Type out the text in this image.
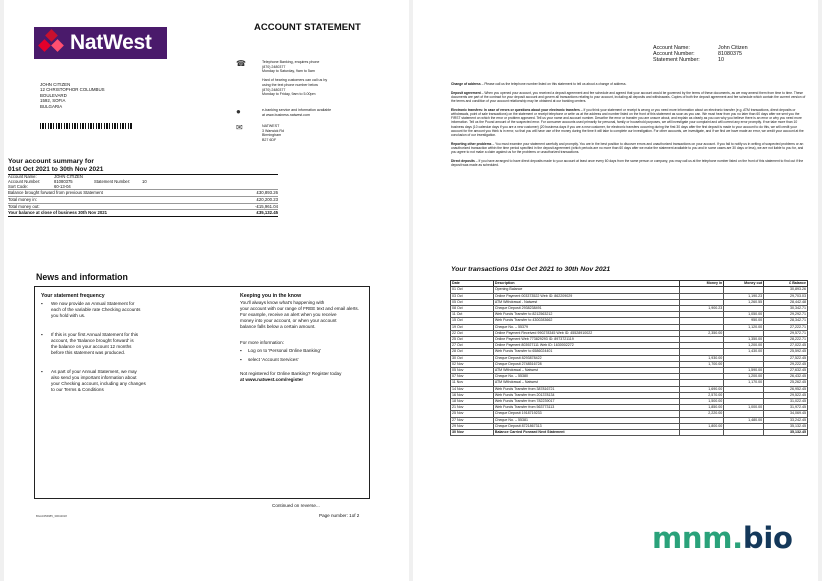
NatWest
ACCOUNT STATEMENT
☎	Telephone Banking, enquires phone
(870) 2480377
Monday to Saturday, 9am to 5am
Hard of hearing customers can call us by
using the text phone number below
(870) 2480377
Monday to Friday, 9am to 5.00pm
●	e-banking service and information available
at www.business.natwest.com
✉	NATWEST
3 Warwick Rd
Birmingham
B27 6DF
JOHN CITIZEN
12 CHRISTOPHOR COLUMBUS
BOULEVARD
1592, SOFIA
BULGARIA
Your account summary for
01st Oct 2021 to 30th Nov 2021
Account Name:	JOHN CITIZEN
Account Number:	81080375	Statement Number:	10
Sort Code:	60-13-04
Balance brought forward from previous Statement	£30,893.26
Total money in:	£20,200.23
Total money out:	-£15,961.04
Your balance at close of business 30th Nov 2021	£35,132.45
News and information
Your statement frequency
▪ We now provide an Annual Statement for
each of the variable rate Checking accounts
you hold with us.
▪ If this is your first Annual Statement for this
account, the 'Balance brought forward' is
the balance on your account 12 months
before this statement was produced.
▪ As part of your Annual Statement, we may
also send you important information about
your Checking account, including any changes
to our Terms & Conditions
Keeping you in the know
You'll always know what's happening with
your account with our range of FREE text and email alerts.
For example, receive an alert when you receive
money into your account, or when your account
balance falls below a certain amount.
For more information:
▪ Log on to 'Personal Online Banking'
▪ select 'Account Services'
Not registered for Online Banking? Register today
at www.natwest.com/register
Continued on reverse...
Page number: 1of 2
BGA3456985_30042018
Account Name:	John Citizen
Account Number:	81080375
Statement Number:	10

Change of address – Please call us the telephone number listed on this statement to tell us about a change of address.

Deposit agreement – When you opened your account, you received a deposit agreement and fee schedule and agreed that your account would be governed by the terms of these documents, as we may amend them from time to time. These documents are part of the contract for your deposit account and govern all transactions relating to your account, including all deposits and withdrawals. Copies of both the deposit agreement and fee schedule which contain the current version of the terms and condition of your account relationship may be obtained at our banking centers.

Electronic transfers: In case of errors or questions about your electronic transfers – If you think your statement or receipt is wrong or you need more information about an electronic transfer (e.g. ATM transactions, direct deposits or withdrawals, point of sale transactions) on the statement or receipt telephone or write us at the address and number listed on the front of this statement as soon as you can. We must hear from you no later than 60 days after we sent you the FIRST statement on which the error or problem appeared. Tell us your name and account number. Describe the error or transfer you are unsure about, and explain as clearly as you can why you believe there is an error or why you need more information. Tell us the Pound amount of the suspected error. For consumer accounts used primarily for personal, family or household purposes, we will investigate your complaint and will correct any error promptly. If we take more than 10 business days (10 calendar days if you are a new customer) (20 business days if you are a new customer, for electronic transfers occurring during the first 30 days after the first deposit is made to your account to do this, we will credit your account for the amount you think is in error, so that you will have use of the money during the time it will take to complete our investigation. For other accounts, we investigate, and if we find we have made an error, we credit your account at the conclusion of our investigation.

Reporting other problems – You must examine your statement carefully and promptly. You are in the best position to discover errors and unauthorized transactions on your account. If you fail to notify us in writing of suspected problems or an unauthorized transaction within the time period specified in the deposit agreement (which periods are no more than 60 days after we make the statement available to you and in some cases are 30 days or less), we are not liable to you for, and you agree to not make a claim against us for the problems or unauthorized transactions.

Direct deposits – If you have arranged to have direct deposits made to your account at least once every 60 days from the same person or company, you may call us at the telephone number listed on the front of this statement to find out if the deposit was made as scheduled.

Your transactions 01st Oct 2021 to 30th Nov 2021
Date	Description	Money in	Money out	£ Balance
01 Oct	Opening Balance			30,893.26
03 Oct	Online Payment 003373522 Web ID: 862209029		1,190.23	29,703.03
05 Oct	ATM Withdrawal - Natwest		1,260.55	28,442.48
08 Oct	Cheque Deposit 2938238491	1,900.23		30,342.71
11 Oct	Web Funds Transfer to 8212563212		1,050.00	29,292.71
15 Oct	Web Funds Transfer to 4300283662		950.00	28,342.71
19 Oct	Cheque No. – 55379		1,120.00	27,222.71
22 Oct	Online Payment Received 990278345 Web ID: 45528910022	2,350.00		29,572.71
25 Oct	Online Payment Web 773829293 ID: 8973721119		1,350.00	28,222.71
27 Oct	Online Payment 803927111 Web ID: 1630002272		1,200.00	27,022.45
28 Oct	Web Funds Transfer to 6586024401		1,430.00	25,592.45
30 Oct	Cheque Deposit 8293878422	1,930.00		27,522.45
02 Nov	Cheque Deposit 2748516728	1,700.00		29,222.45
05 Nov	ATM Withdrawal – Natwest		1,590.00	27,632.45
07 Nov	Cheque No. – 55380		1,200.00	26,432.45
11 Nov	ATM Withdrawal – Natwest		1,170.00	25,262.45
14 Nov	Web Funds Transfer from 387816721	1,690.00		26,952.45
16 Nov	Web Funds Transfer from 201378134	2,570.00		29,522.45
18 Nov	Web Funds Transfer from 782239017	1,500.00		31,022.45
21 Nov	Web Funds Transfer from 563773113	1,850.00	1,000.00	31,972.45
25 Nov	Cheque Deposit 1918719233	2,220.00		34,069.45
27 Nov	Cheque No. – 55381		1,480.00	33,242.45
29 Nov	Cheque Deposit 8721867313	1,800.00		35,132.45
30 Nov	Balance Carried Forward Next Statement			35,132.45
mnm.bio
